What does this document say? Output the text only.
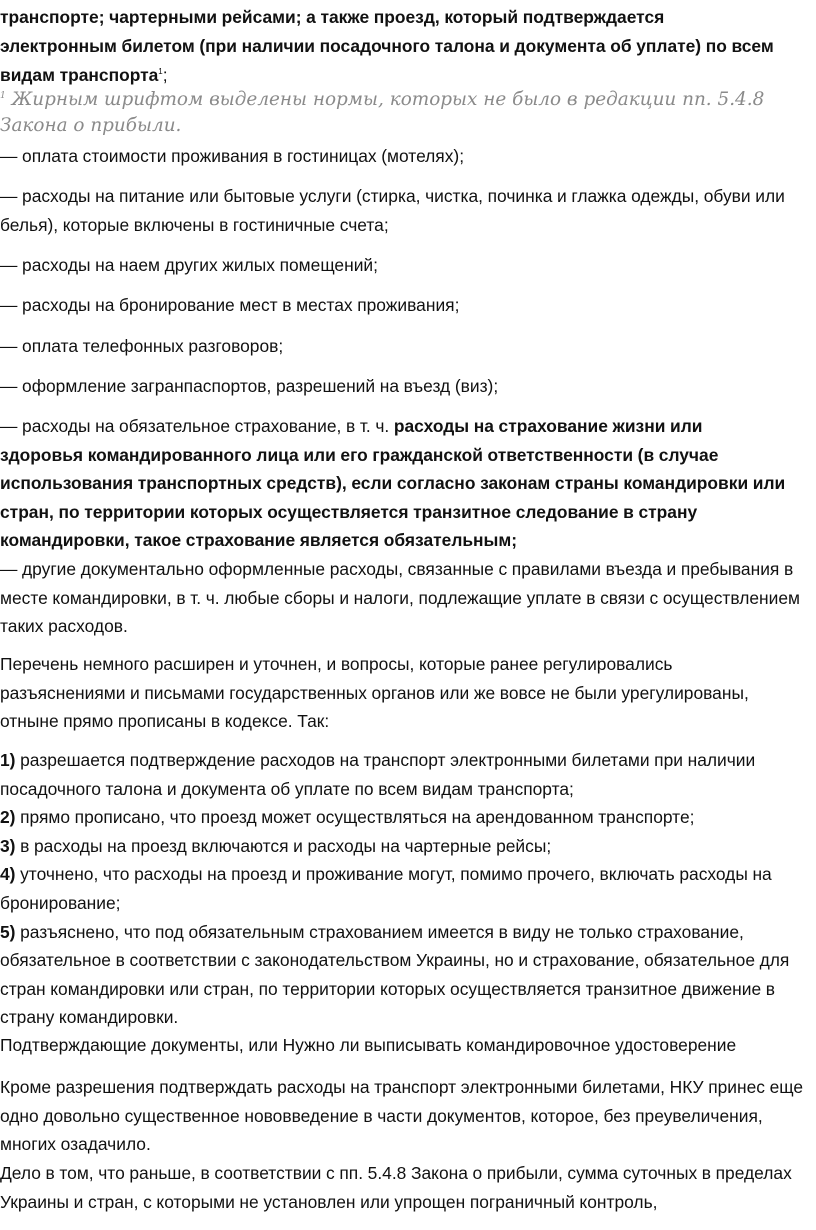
транспорте; чартерными рейсами; а также проезд, который подтверждается
электронным билетом (при наличии посадочного талона и документа об уплате) по всем
видам транспорта$^1$;

$^1$ Жирным шрифтом выделены нормы, которых не было в редакции пп. 5.4.8 Закона о прибыли.

— оплата стоимости проживания в гостиницах (мотелях);

— расходы на питание или бытовые услуги (стирка, чистка, починка и глажка одежды, обуви или белья), которые включены в гостиничные счета;

— расходы на наем других жилых помещений;

— расходы на бронирование мест в местах проживания;

— оплата телефонных разговоров;

— оформление загранпаспортов, разрешений на въезд (виз);

— расходы на обязательное страхование, в т. ч. расходы на страхование жизни или здоровья командированного лица или его гражданской ответственности (в случае использования транспортных средств), если согласно законам страны командировки или стран, по территории которых осуществляется транзитное следование в страну командировки, такое страхование является обязательным;

— другие документально оформленные расходы, связанные с правилами въезда и пребывания в месте командировки, в т. ч. любые сборы и налоги, подлежащие уплате в связи с осуществлением таких расходов.

Перечень немного расширен и уточнен, и вопросы, которые ранее регулировались разъяснениями и письмами государственных органов или же вовсе не были урегулированы, отныне прямо прописаны в кодексе. Так:

1) разрешается подтверждение расходов на транспорт электронными билетами при наличии посадочного талона и документа об уплате по всем видам транспорта;

2) прямо прописано, что проезд может осуществляться на арендованном транспорте;

3) в расходы на проезд включаются и расходы на чартерные рейсы;

4) уточнено, что расходы на проезд и проживание могут, помимо прочего, включать расходы на бронирование;

5) разъяснено, что под обязательным страхованием имеется в виду не только страхование, обязательное в соответствии с законодательством Украины, но и страхование, обязательное для стран командировки или стран, по территории которых осуществляется транзитное движение в страну командировки.

Подтверждающие документы, или Нужно ли выписывать командировочное удостоверение

Кроме разрешения подтверждать расходы на транспорт электронными билетами, НКУ принес еще одно довольно существенное нововведение в части документов, которое, без преувеличения, многих озадачило.

Дело в том, что раньше, в соответствии с пп. 5.4.8 Закона о прибыли, сумма суточных в пределах Украины и стран, с которыми не установлен или упрощен пограничный контроль,
